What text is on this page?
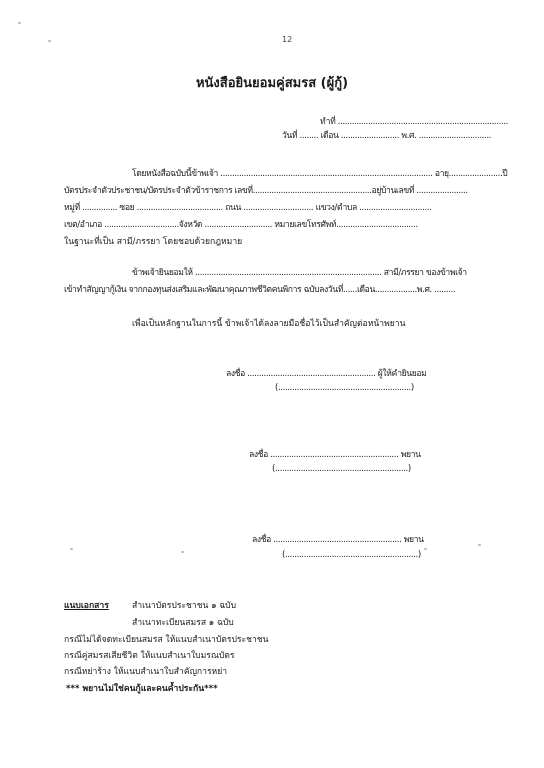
12
หนังสือยินยอมคู่สมรส (ผู้กู้)
ทำที่ .........................................................................
วันที่ ........ เดือน ......................... พ.ศ. ...............................
โดยหนังสือฉบับนี้ข้าพเจ้า ........................................................................................... อายุ.......................ปี
บัตรประจำตัวประชาชน/บัตรประจำตัวข้าราชการ เลขที่...................................................อยู่บ้านเลขที่ ......................
หมู่ที่ ............... ซอย ..................................... ถนน .............................. แขวง/ตำบล ...............................
เขต/อำเภอ ................................จังหวัด ............................. หมายเลขโทรศัพท์...................................
ในฐานะที่เป็น สามี/ภรรยา โดยชอบด้วยกฎหมาย
ข้าพเจ้ายินยอมให้ ................................................................................ สามี/ภรรยา ของข้าพเจ้า
เข้าทำสัญญากู้เงิน จากกองทุนส่งเสริมและพัฒนาคุณภาพชีวิตคนพิการ ฉบับลงวันที่......เดือน..................พ.ศ. .........
เพื่อเป็นหลักฐานในการนี้ ข้าพเจ้าได้ลงลายมือชื่อไว้เป็นสำคัญต่อหน้าพยาน
ลงชื่อ ....................................................... ผู้ให้คำยินยอม
(.........................................................)
ลงชื่อ ....................................................... พยาน
(.........................................................)
ลงชื่อ ....................................................... พยาน
(.........................................................)
แนบเอกสาร	สำเนาบัตรประชาชน ๑ ฉบับ
สำเนาทะเบียนสมรส ๑ ฉบับ
กรณีไม่ได้จดทะเบียนสมรส ให้แนบสำเนาบัตรประชาชน
กรณีคู่สมรสเสียชีวิต ให้แนบสำเนาใบมรณบัตร
กรณีหย่าร้าง ให้แนบสำเนาใบสำคัญการหย่า
*** พยานไม่ใช่คนกู้และคนค้ำประกัน***
